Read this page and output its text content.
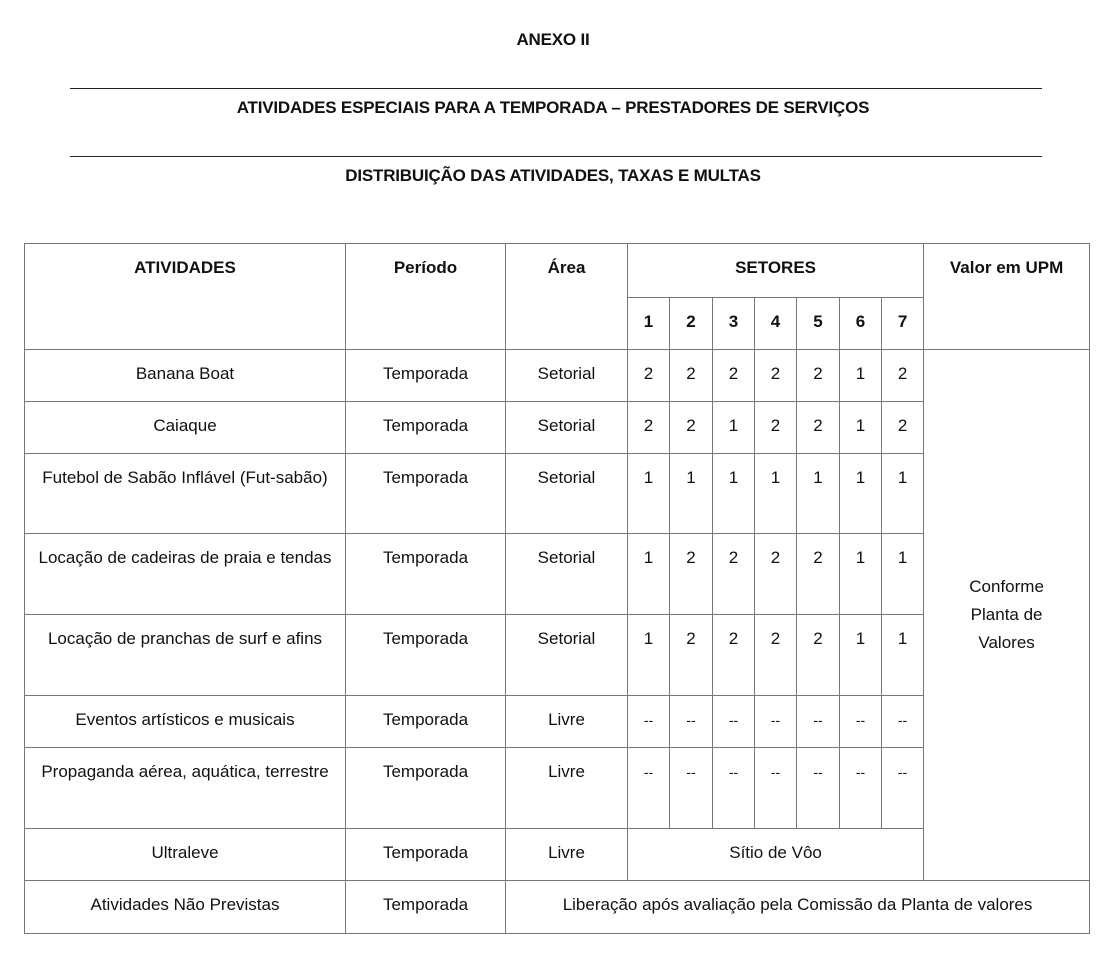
ANEXO II
ATIVIDADES ESPECIAIS PARA A TEMPORADA – PRESTADORES DE SERVIÇOS
DISTRIBUIÇÃO DAS ATIVIDADES, TAXAS E MULTAS
ATIVIDADES	Período	Área	SETORES							Valor em UPM
			1	2	3	4	5	6	7	
Banana Boat	Temporada	Setorial	2	2	2	2	2	1	2	Conforme Planta de Valores
Caiaque	Temporada	Setorial	2	2	1	2	2	1	2	
Futebol de Sabão Inflável (Fut-sabão)	Temporada	Setorial	1	1	1	1	1	1	1	
Locação de cadeiras de praia e tendas	Temporada	Setorial	1	2	2	2	2	1	1	
Locação de pranchas de surf e afins	Temporada	Setorial	1	2	2	2	2	1	1	
Eventos artísticos e musicais	Temporada	Livre	--	--	--	--	--	--	--	
Propaganda aérea, aquática, terrestre	Temporada	Livre	--	--	--	--	--	--	--	
Ultraleve	Temporada	Livre	Sítio de Vôo							
Atividades Não Previstas	Temporada	Liberação após avaliação pela Comissão da Planta de valores								
